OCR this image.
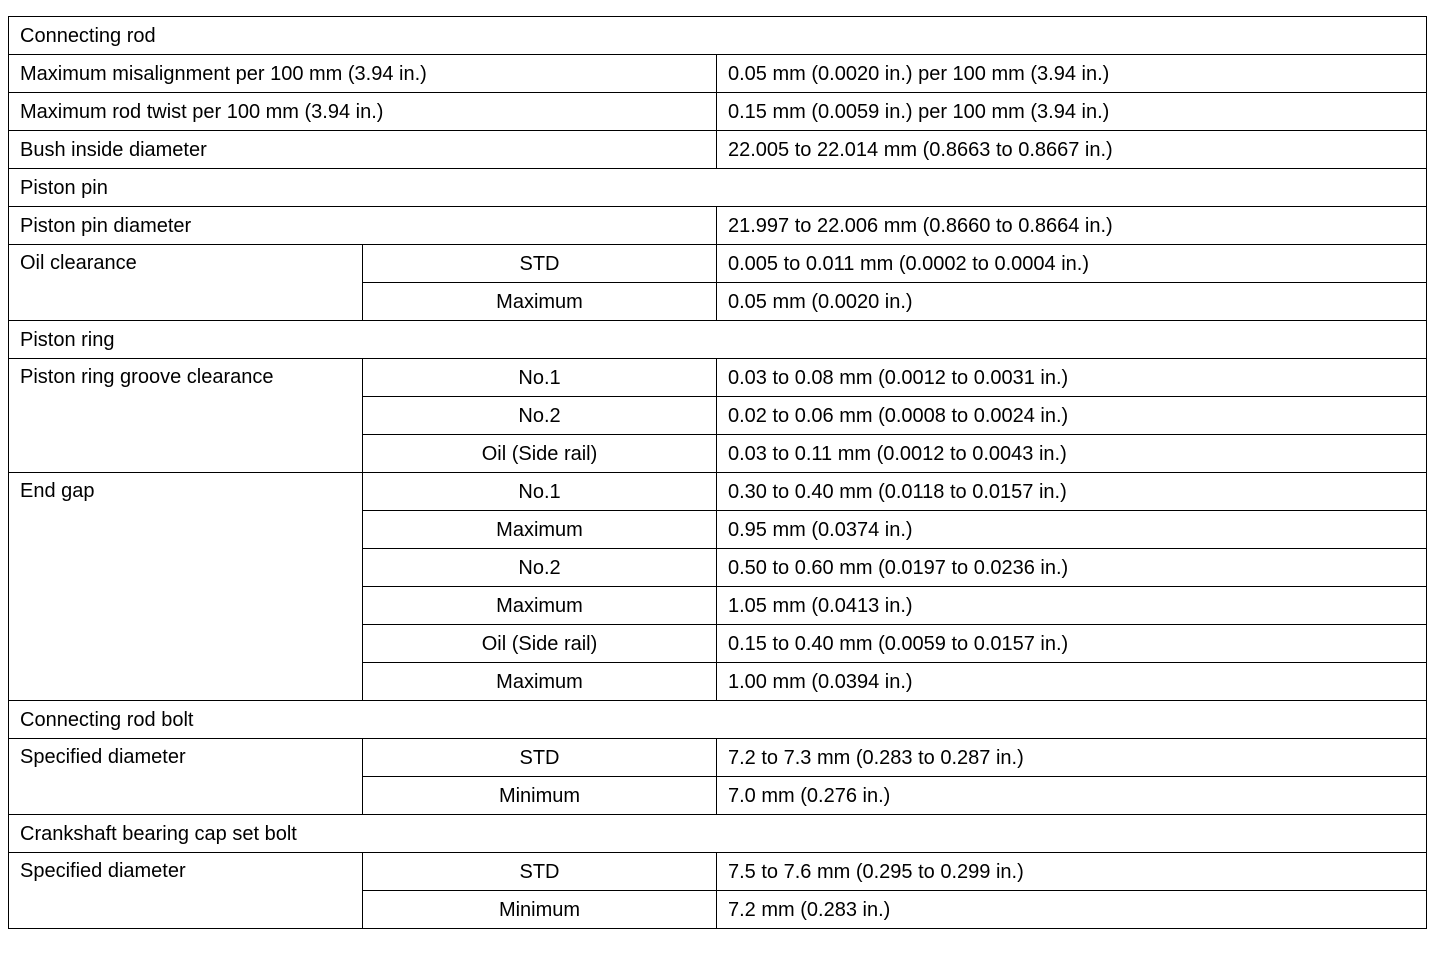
Connecting rod		
Maximum misalignment per 100 mm (3.94 in.)		0.05 mm (0.0020 in.) per 100 mm (3.94 in.)
Maximum rod twist per 100 mm (3.94 in.)		0.15 mm (0.0059 in.) per 100 mm (3.94 in.)
Bush inside diameter		22.005 to 22.014 mm (0.8663 to 0.8667 in.)
Piston pin		
Piston pin diameter		21.997 to 22.006 mm (0.8660 to 0.8664 in.)
Oil clearance	STD	0.005 to 0.011 mm (0.0002 to 0.0004 in.)
	Maximum	0.05 mm (0.0020 in.)
Piston ring		
Piston ring groove clearance	No.1	0.03 to 0.08 mm (0.0012 to 0.0031 in.)
	No.2	0.02 to 0.06 mm (0.0008 to 0.0024 in.)
	Oil (Side rail)	0.03 to 0.11 mm (0.0012 to 0.0043 in.)
End gap	No.1	0.30 to 0.40 mm (0.0118 to 0.0157 in.)
	Maximum	0.95 mm (0.0374 in.)
	No.2	0.50 to 0.60 mm (0.0197 to 0.0236 in.)
	Maximum	1.05 mm (0.0413 in.)
	Oil (Side rail)	0.15 to 0.40 mm (0.0059 to 0.0157 in.)
	Maximum	1.00 mm (0.0394 in.)
Connecting rod bolt		
Specified diameter	STD	7.2 to 7.3 mm (0.283 to 0.287 in.)
	Minimum	7.0 mm (0.276 in.)
Crankshaft bearing cap set bolt		
Specified diameter	STD	7.5 to 7.6 mm (0.295 to 0.299 in.)
	Minimum	7.2 mm (0.283 in.)
